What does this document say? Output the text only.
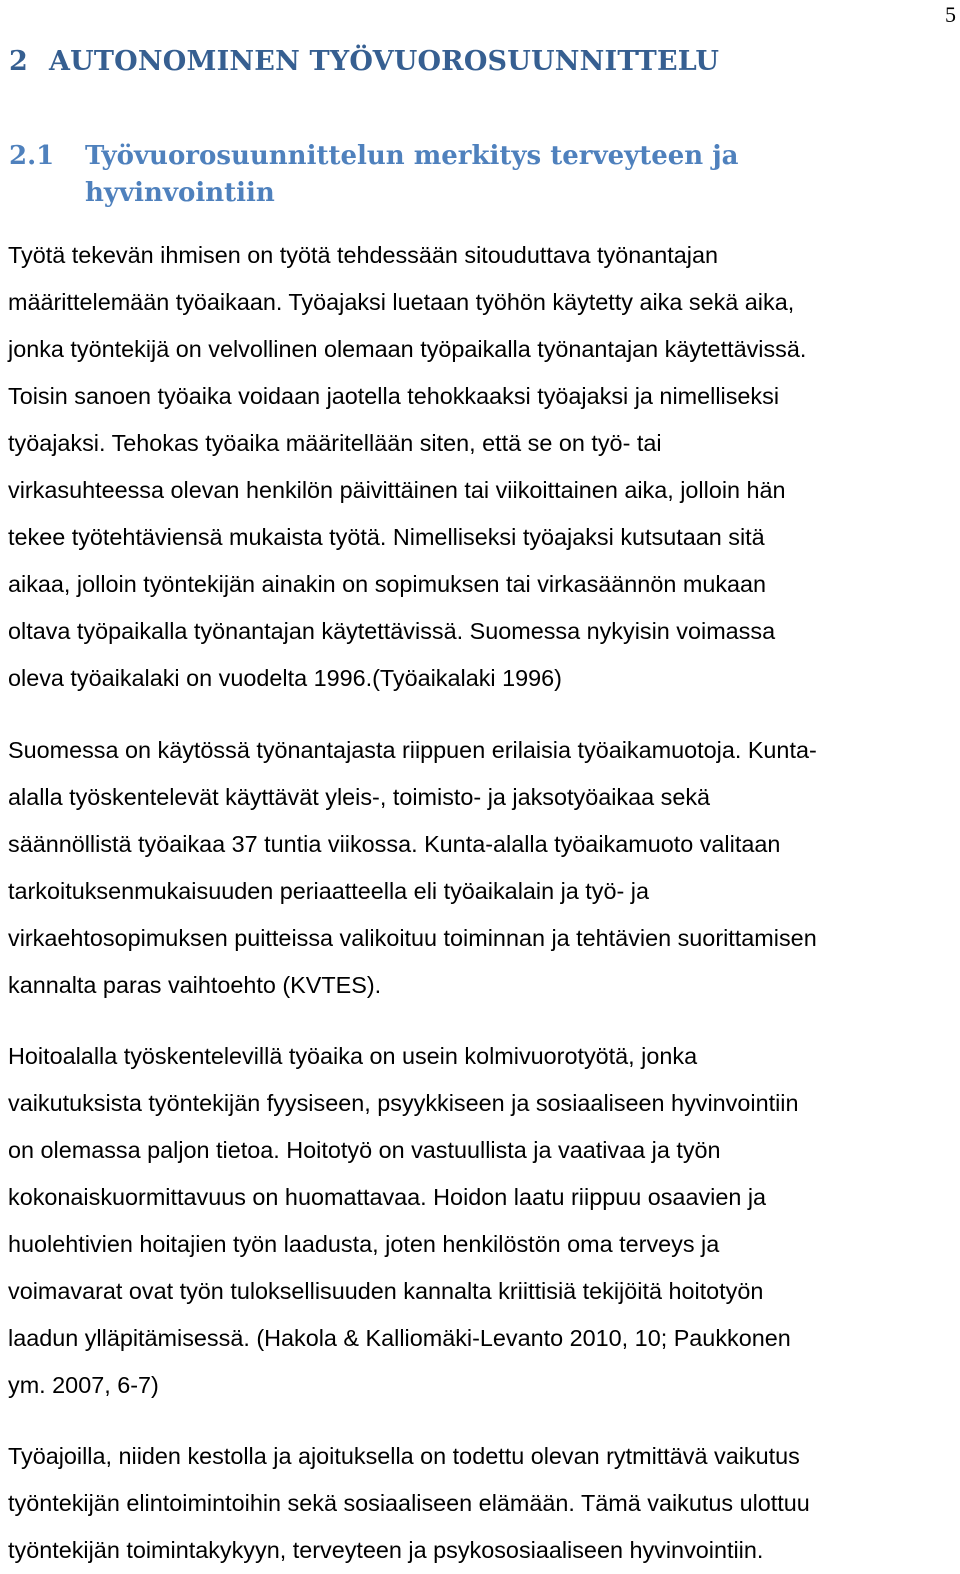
5
2 AUTONOMINEN TYÖVUOROSUUNNITTELU
2.1	Työvuorosuunnittelun merkitys terveyteen ja
hyvinvointiin
Työtä tekevän ihmisen on työtä tehdessään sitouduttava työnantajan
määrittelemään työaikaan. Työajaksi luetaan työhön käytetty aika sekä aika,
jonka työntekijä on velvollinen olemaan työpaikalla työnantajan käytettävissä.
Toisin sanoen työaika voidaan jaotella tehokkaaksi työajaksi ja nimelliseksi
työajaksi. Tehokas työaika määritellään siten, että se on työ- tai
virkasuhteessa olevan henkilön päivittäinen tai viikoittainen aika, jolloin hän
tekee työtehtäviensä mukaista työtä. Nimelliseksi työajaksi kutsutaan sitä
aikaa, jolloin työntekijän ainakin on sopimuksen tai virkasäännön mukaan
oltava työpaikalla työnantajan käytettävissä. Suomessa nykyisin voimassa
oleva työaikalaki on vuodelta 1996.(Työaikalaki 1996)
Suomessa on käytössä työnantajasta riippuen erilaisia työaikamuotoja. Kunta-
alalla työskentelevät käyttävät yleis-, toimisto- ja jaksotyöaikaa sekä
säännöllistä työaikaa 37 tuntia viikossa. Kunta-alalla työaikamuoto valitaan
tarkoituksenmukaisuuden periaatteella eli työaikalain ja työ- ja
virkaehtosopimuksen puitteissa valikoituu toiminnan ja tehtävien suorittamisen
kannalta paras vaihtoehto (KVTES).
Hoitoalalla työskentelevillä työaika on usein kolmivuorotyötä, jonka
vaikutuksista työntekijän fyysiseen, psyykkiseen ja sosiaaliseen hyvinvointiin
on olemassa paljon tietoa. Hoitotyö on vastuullista ja vaativaa ja työn
kokonaiskuormittavuus on huomattavaa. Hoidon laatu riippuu osaavien ja
huolehtivien hoitajien työn laadusta, joten henkilöstön oma terveys ja
voimavarat ovat työn tuloksellisuuden kannalta kriittisiä tekijöitä hoitotyön
laadun ylläpitämisessä. (Hakola & Kalliomäki-Levanto 2010, 10; Paukkonen
ym. 2007, 6-7)
Työajoilla, niiden kestolla ja ajoituksella on todettu olevan rytmittävä vaikutus
työntekijän elintoimintoihin sekä sosiaaliseen elämään. Tämä vaikutus ulottuu
työntekijän toimintakykyyn, terveyteen ja psykososiaaliseen hyvinvointiin.
